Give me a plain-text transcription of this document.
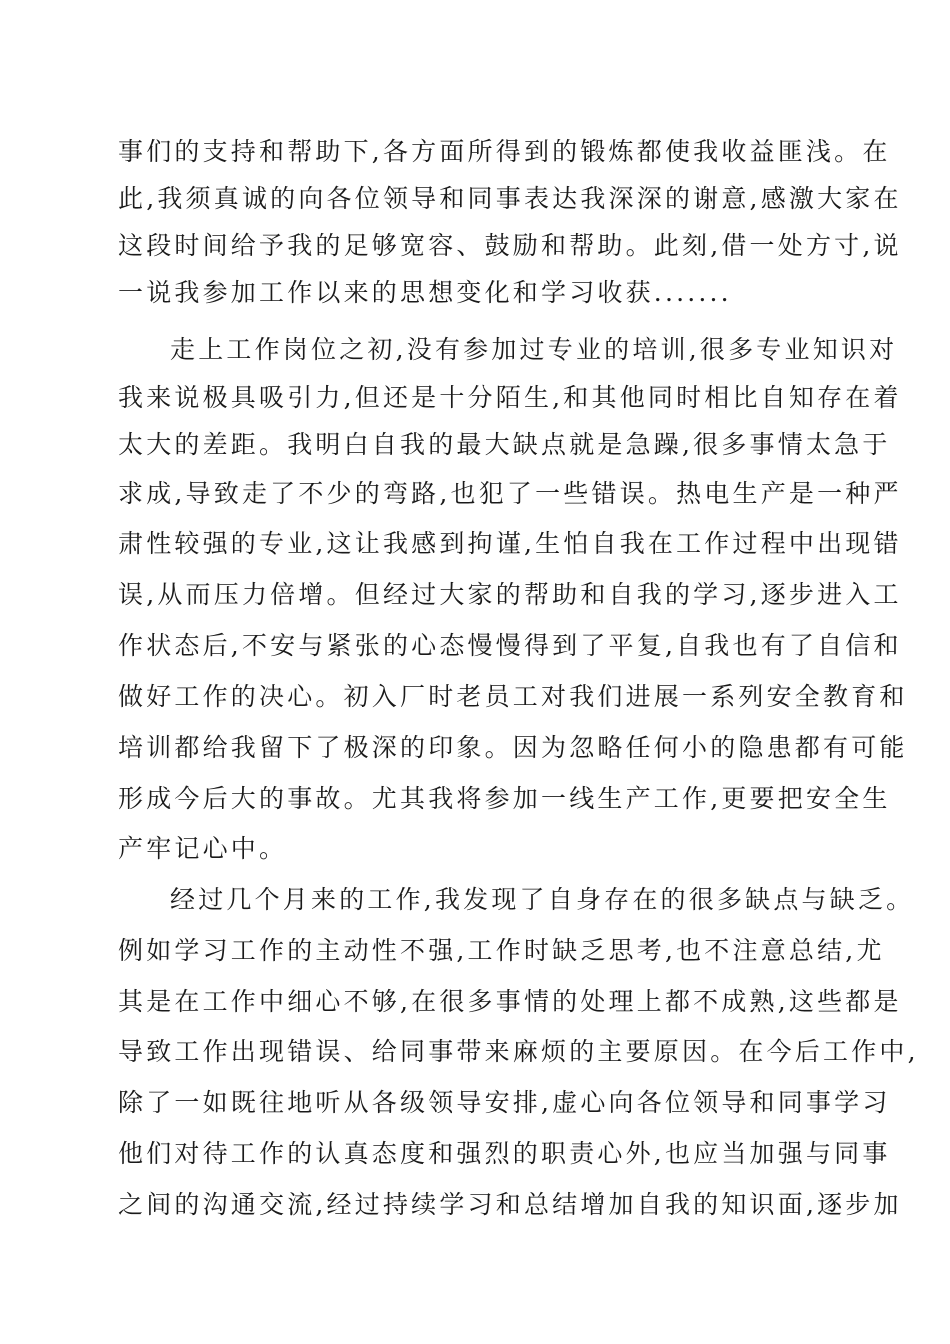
事们的支持和帮助下,各方面所得到的锻炼都使我收益匪浅。在
此,我须真诚的向各位领导和同事表达我深深的谢意,感激大家在
这段时间给予我的足够宽容、鼓励和帮助。此刻,借一处方寸,说
一说我参加工作以来的思想变化和学习收获.......
走上工作岗位之初,没有参加过专业的培训,很多专业知识对
我来说极具吸引力,但还是十分陌生,和其他同时相比自知存在着
太大的差距。我明白自我的最大缺点就是急躁,很多事情太急于
求成,导致走了不少的弯路,也犯了一些错误。热电生产是一种严
肃性较强的专业,这让我感到拘谨,生怕自我在工作过程中出现错
误,从而压力倍增。但经过大家的帮助和自我的学习,逐步进入工
作状态后,不安与紧张的心态慢慢得到了平复,自我也有了自信和
做好工作的决心。初入厂时老员工对我们进展一系列安全教育和
培训都给我留下了极深的印象。因为忽略任何小的隐患都有可能
形成今后大的事故。尤其我将参加一线生产工作,更要把安全生
产牢记心中。
经过几个月来的工作,我发现了自身存在的很多缺点与缺乏。
例如学习工作的主动性不强,工作时缺乏思考,也不注意总结,尤
其是在工作中细心不够,在很多事情的处理上都不成熟,这些都是
导致工作出现错误、给同事带来麻烦的主要原因。在今后工作中,
除了一如既往地听从各级领导安排,虚心向各位领导和同事学习
他们对待工作的认真态度和强烈的职责心外,也应当加强与同事
之间的沟通交流,经过持续学习和总结增加自我的知识面,逐步加
